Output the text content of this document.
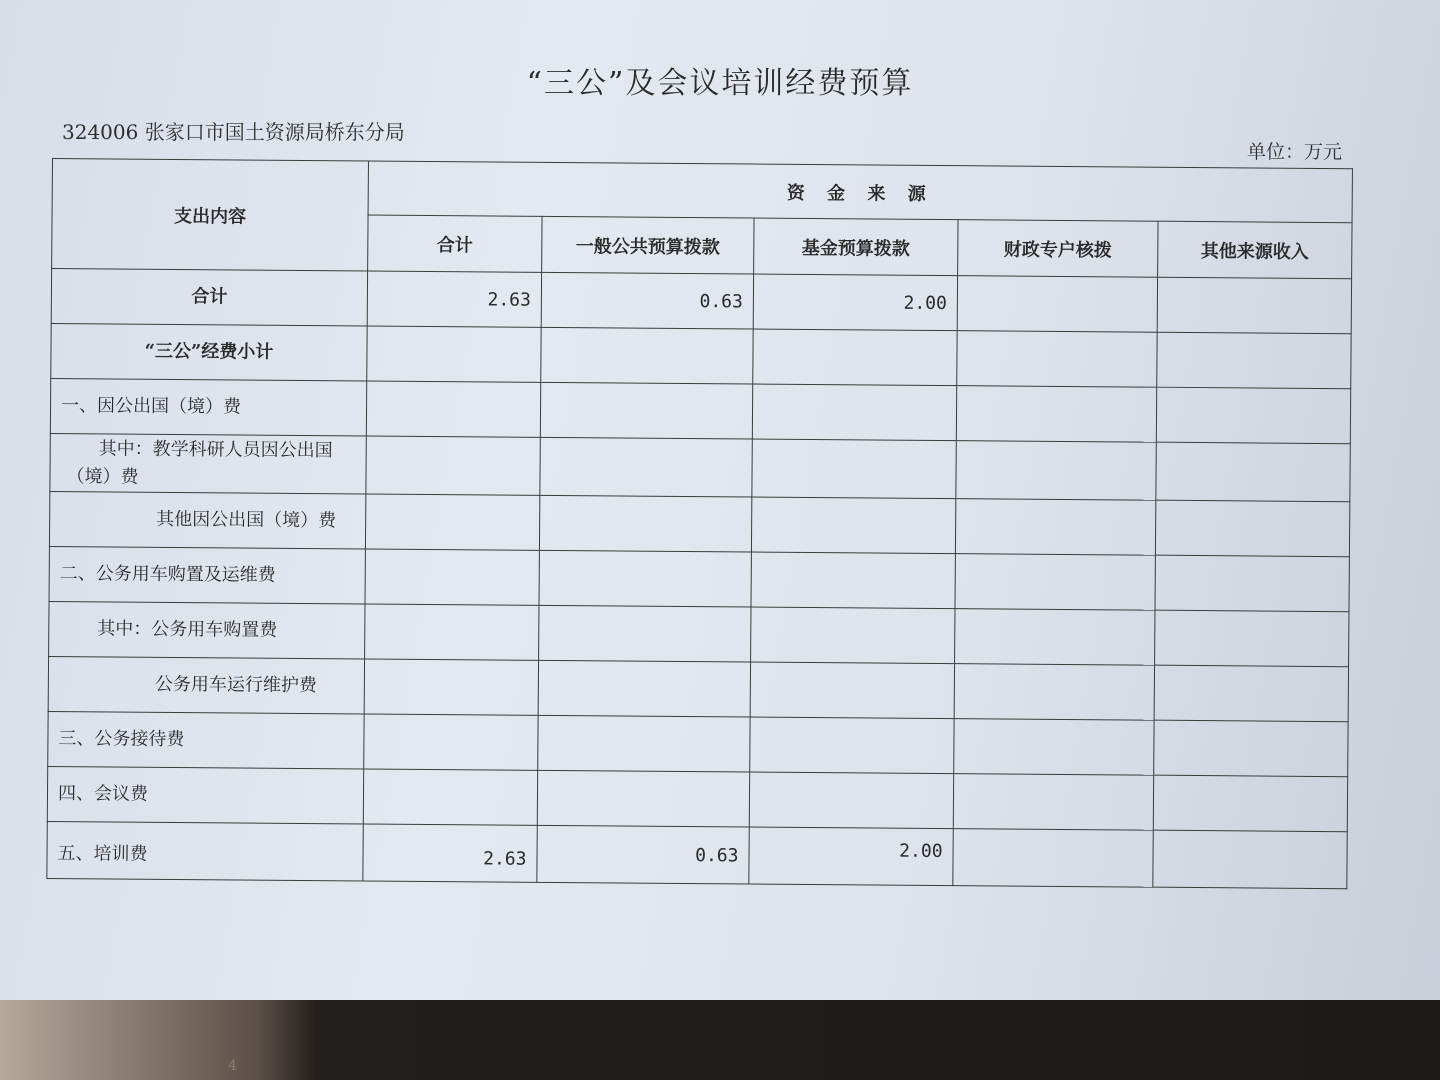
“三公”及会议培训经费预算
324006 张家口市国土资源局桥东分局
单位：万元
支出内容	资 金 来 源				
	合计	一般公共预算拨款	基金预算拨款	财政专户核拨	其他来源收入
合计	2.63	0.63	2.00		
“三公”经费小计					
一、因公出国（境）费					
其中：教学科研人员因公出国（境）费					
其他因公出国（境）费					
二、公务用车购置及运维费					
其中：公务用车购置费					
公务用车运行维护费					
三、公务接待费					
四、会议费					
五、培训费	2.63	0.63	2.00		
4
